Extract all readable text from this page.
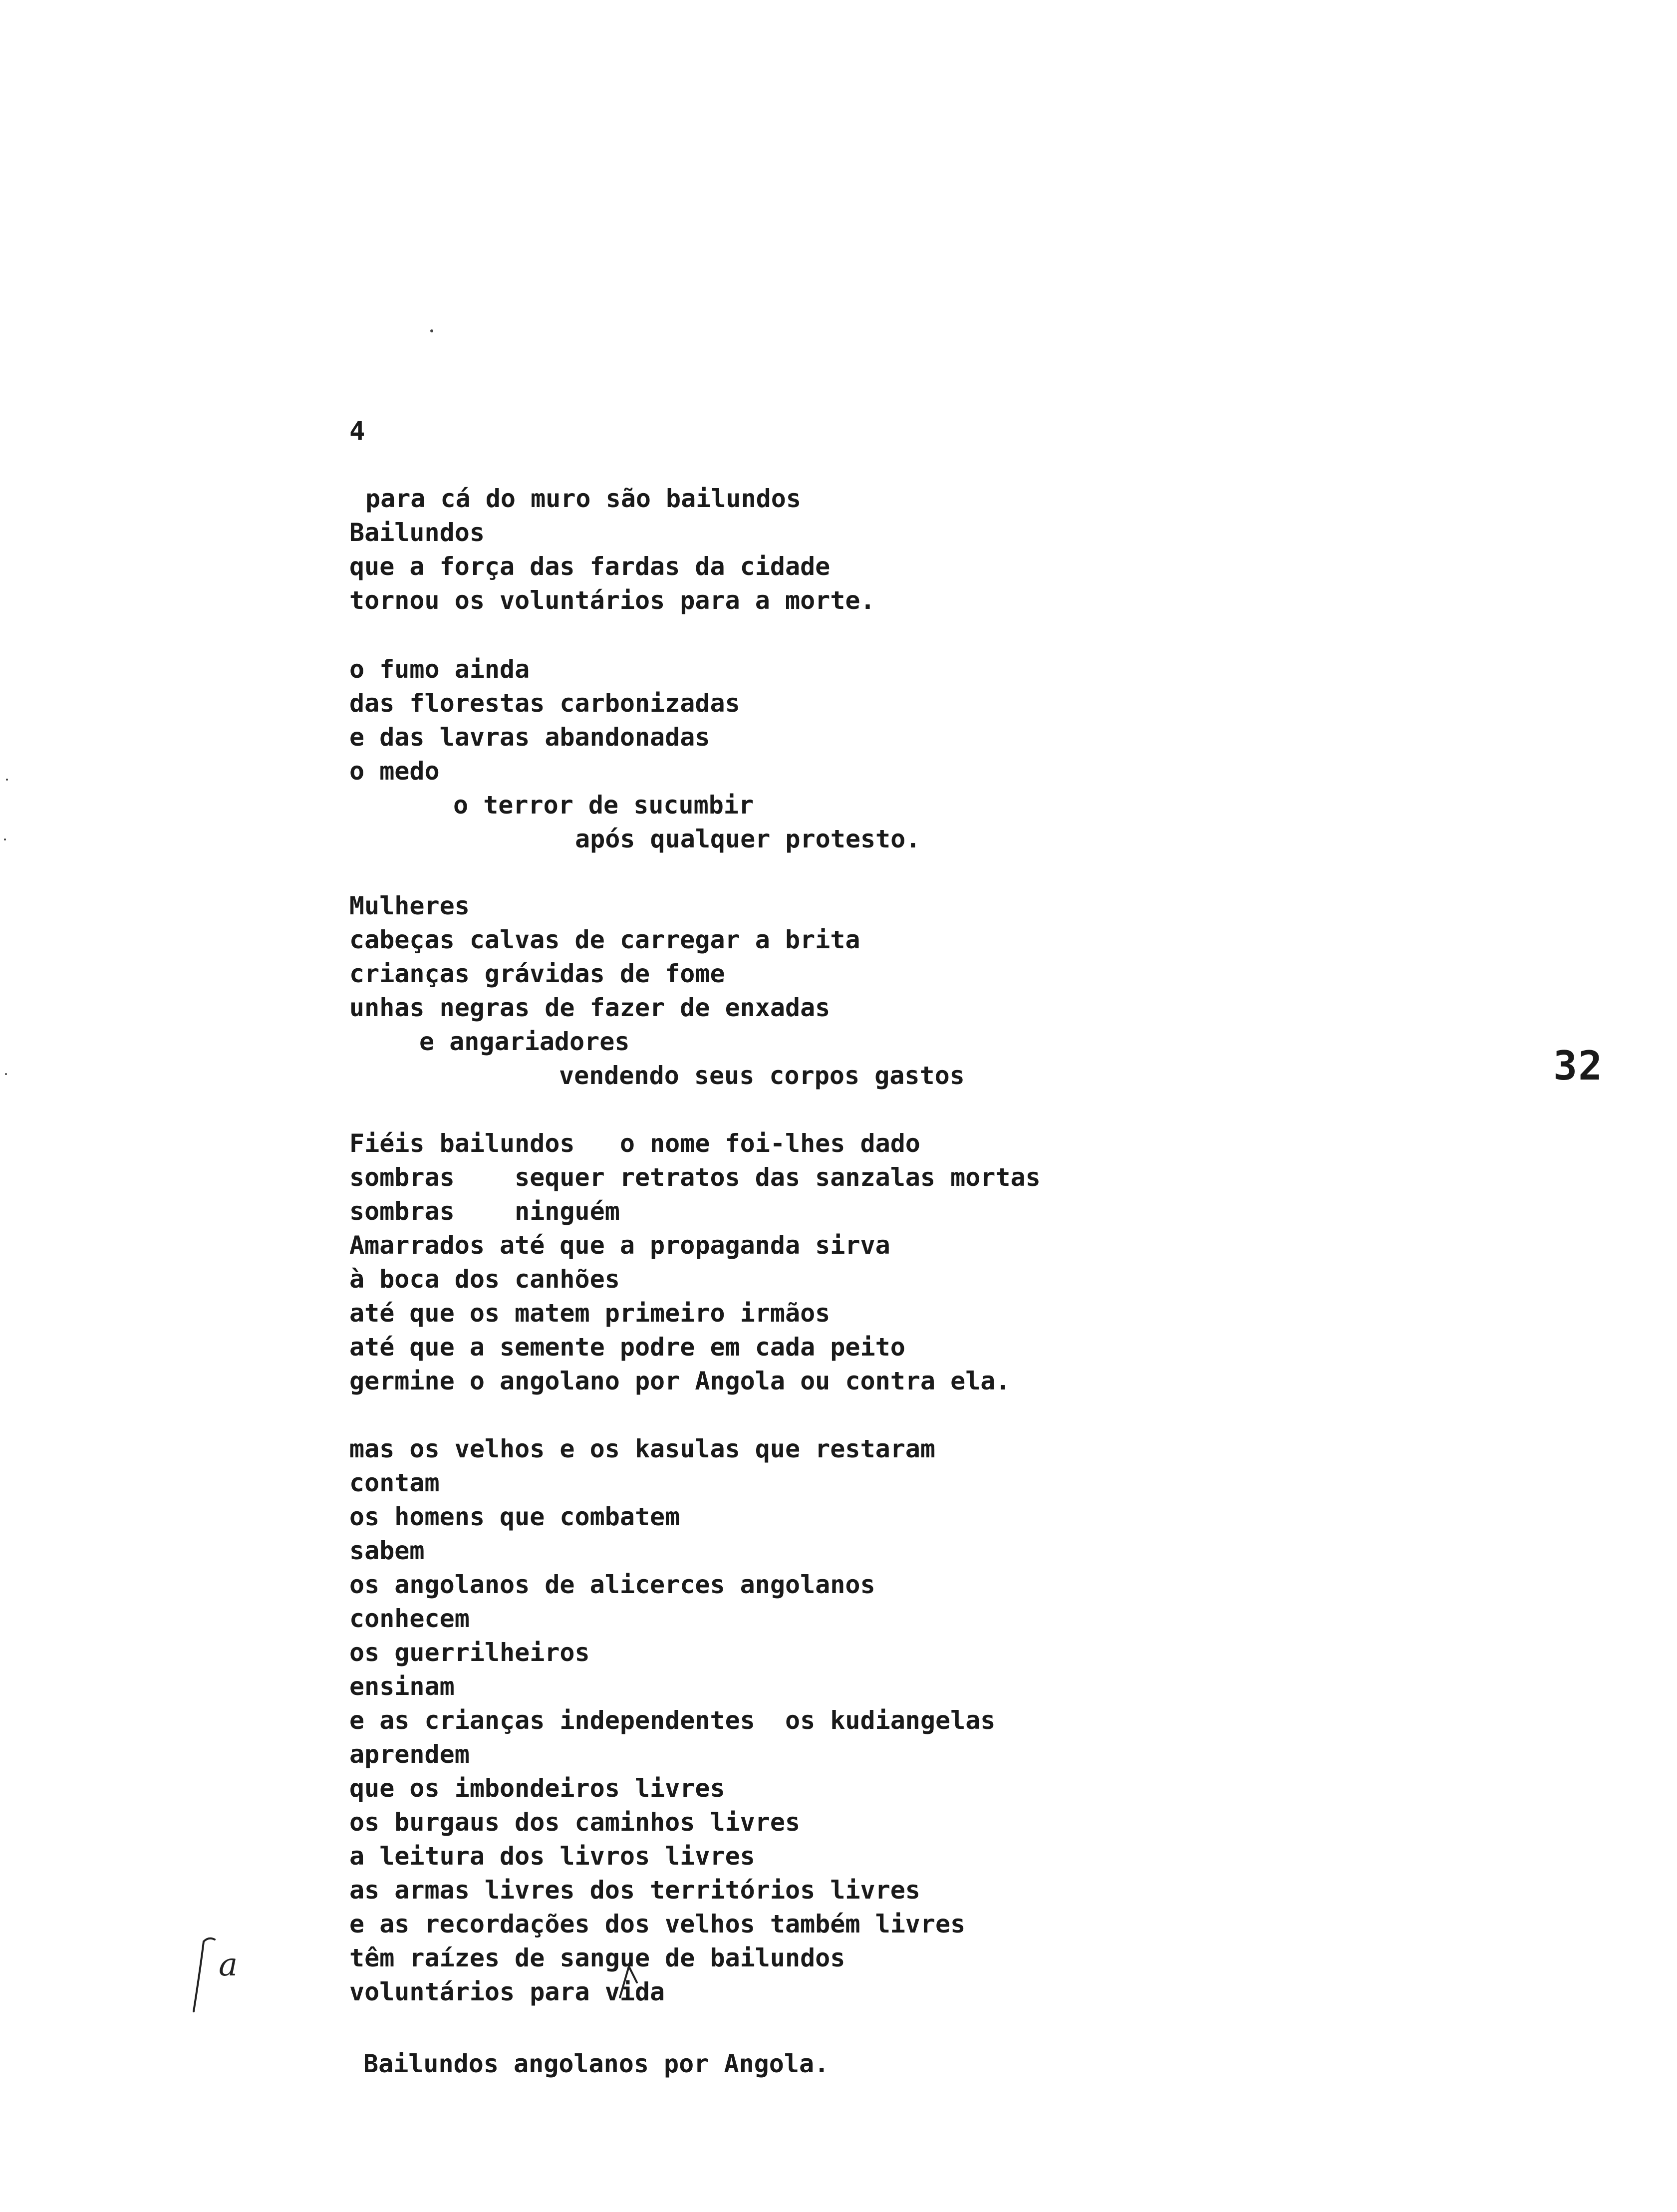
4
32
para cá do muro são bailundos
Bailundos
que a força das fardas da cidade
tornou os voluntários para a morte.
o fumo ainda
das florestas carbonizadas
e das lavras abandonadas
o medo
o terror de sucumbir
após qualquer protesto.
Mulheres
cabeças calvas de carregar a brita
crianças grávidas de fome
unhas negras de fazer de enxadas
e angariadores
vendendo seus corpos gastos
Fiéis bailundos   o nome foi-lhes dado
sombras    sequer retratos das sanzalas mortas
sombras    ninguém
Amarrados até que a propaganda sirva
à boca dos canhões
até que os matem primeiro irmãos
até que a semente podre em cada peito
germine o angolano por Angola ou contra ela.
mas os velhos e os kasulas que restaram
contam
os homens que combatem
sabem
os angolanos de alicerces angolanos
conhecem
os guerrilheiros
ensinam
e as crianças independentes  os kudiangelas
aprendem
que os imbondeiros livres
os burgaus dos caminhos livres
a leitura dos livros livres
as armas livres dos territórios livres
e as recordações dos velhos também livres
têm raízes de sangue de bailundos
voluntários para vida
Bailundos angolanos por Angola.
a
